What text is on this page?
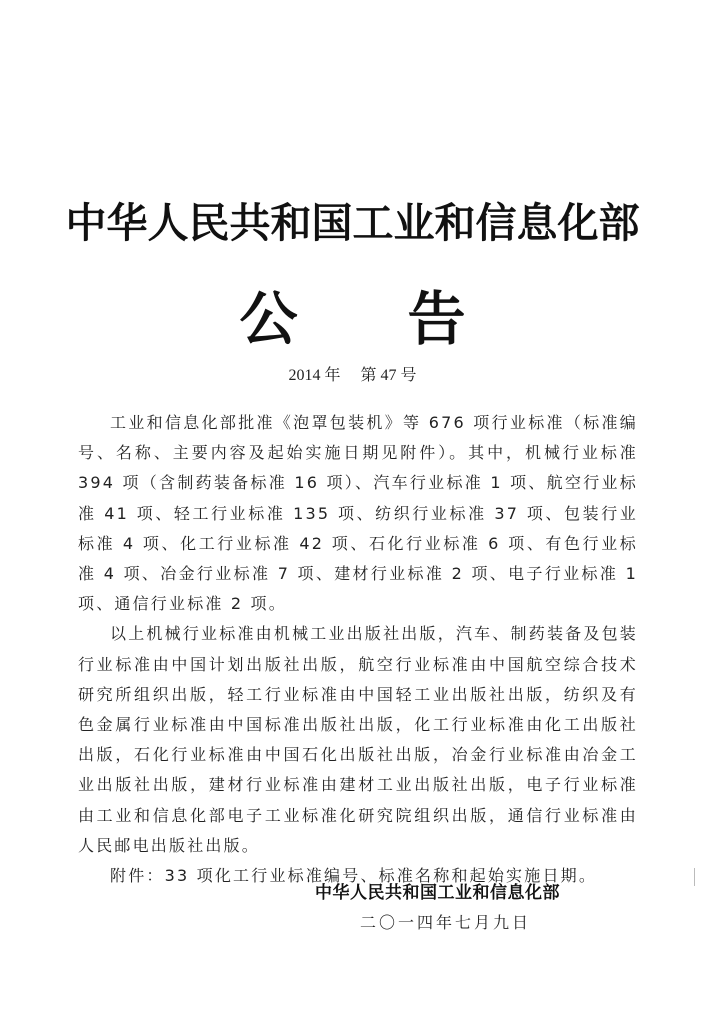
中华人民共和国工业和信息化部
公告
2014 年 第 47 号

工业和信息化部批准《泡罩包装机》等 676 项行业标准（标准编号、名称、主要内容及起始实施日期见附件）。其中，机械行业标准 394 项（含制药装备标准 16 项）、汽车行业标准 1 项、航空行业标准 41 项、轻工行业标准 135 项、纺织行业标准 37 项、包装行业标准 4 项、化工行业标准 42 项、石化行业标准 6 项、有色行业标准 4 项、冶金行业标准 7 项、建材行业标准 2 项、电子行业标准 1 项、通信行业标准 2 项。

以上机械行业标准由机械工业出版社出版，汽车、制药装备及包装行业标准由中国计划出版社出版，航空行业标准由中国航空综合技术研究所组织出版，轻工行业标准由中国轻工业出版社出版，纺织及有色金属行业标准由中国标准出版社出版，化工行业标准由化工出版社出版，石化行业标准由中国石化出版社出版，冶金行业标准由冶金工业出版社出版，建材行业标准由建材工业出版社出版，电子行业标准由工业和信息化部电子工业标准化研究院组织出版，通信行业标准由人民邮电出版社出版。

附件：33 项化工行业标准编号、标准名称和起始实施日期。

中华人民共和国工业和信息化部
二〇一四年七月九日
